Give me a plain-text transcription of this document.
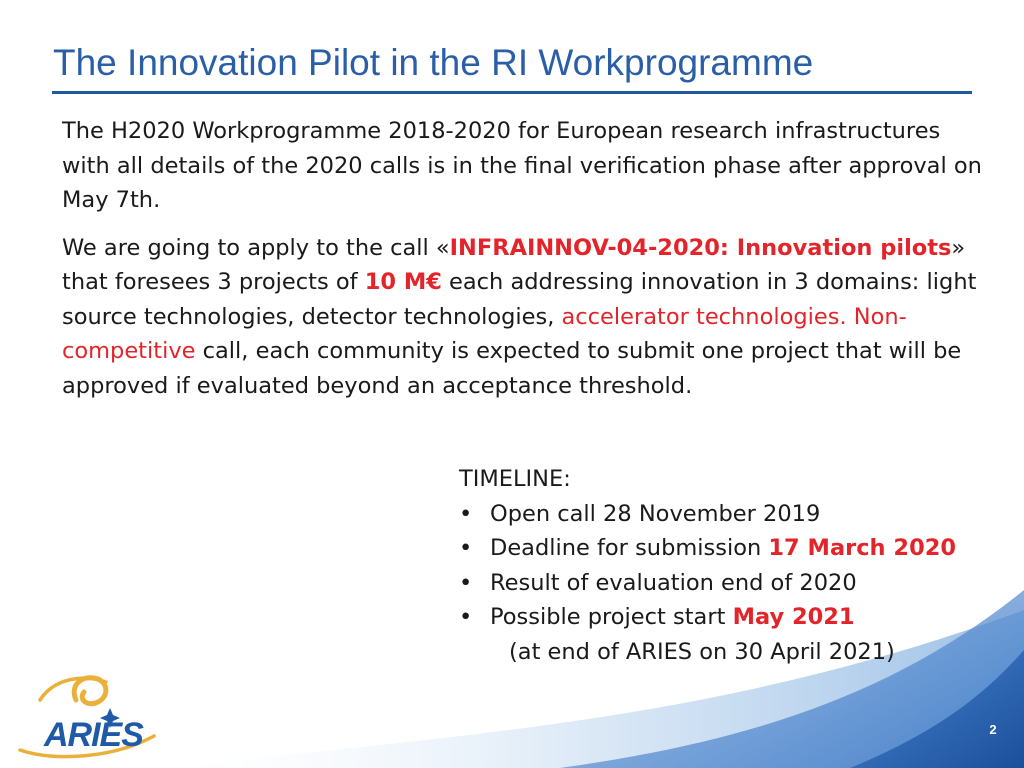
The Innovation Pilot in the RI Workprogramme

The H2020 Workprogramme 2018-2020 for European research infrastructures with all details of the 2020 calls is in the final verification phase after approval on May 7th.

We are going to apply to the call «INFRAINNOV-04-2020: Innovation pilots» that foresees 3 projects of 10 M€ each addressing innovation in 3 domains: light source technologies, detector technologies, accelerator technologies. Non-competitive call, each community is expected to submit one project that will be approved if evaluated beyond an acceptance threshold.

TIMELINE:
• Open call 28 November 2019
• Deadline for submission 17 March 2020
• Result of evaluation end of 2020
• Possible project start May 2021
(at end of ARIES on 30 April 2021)
ARIES	2
